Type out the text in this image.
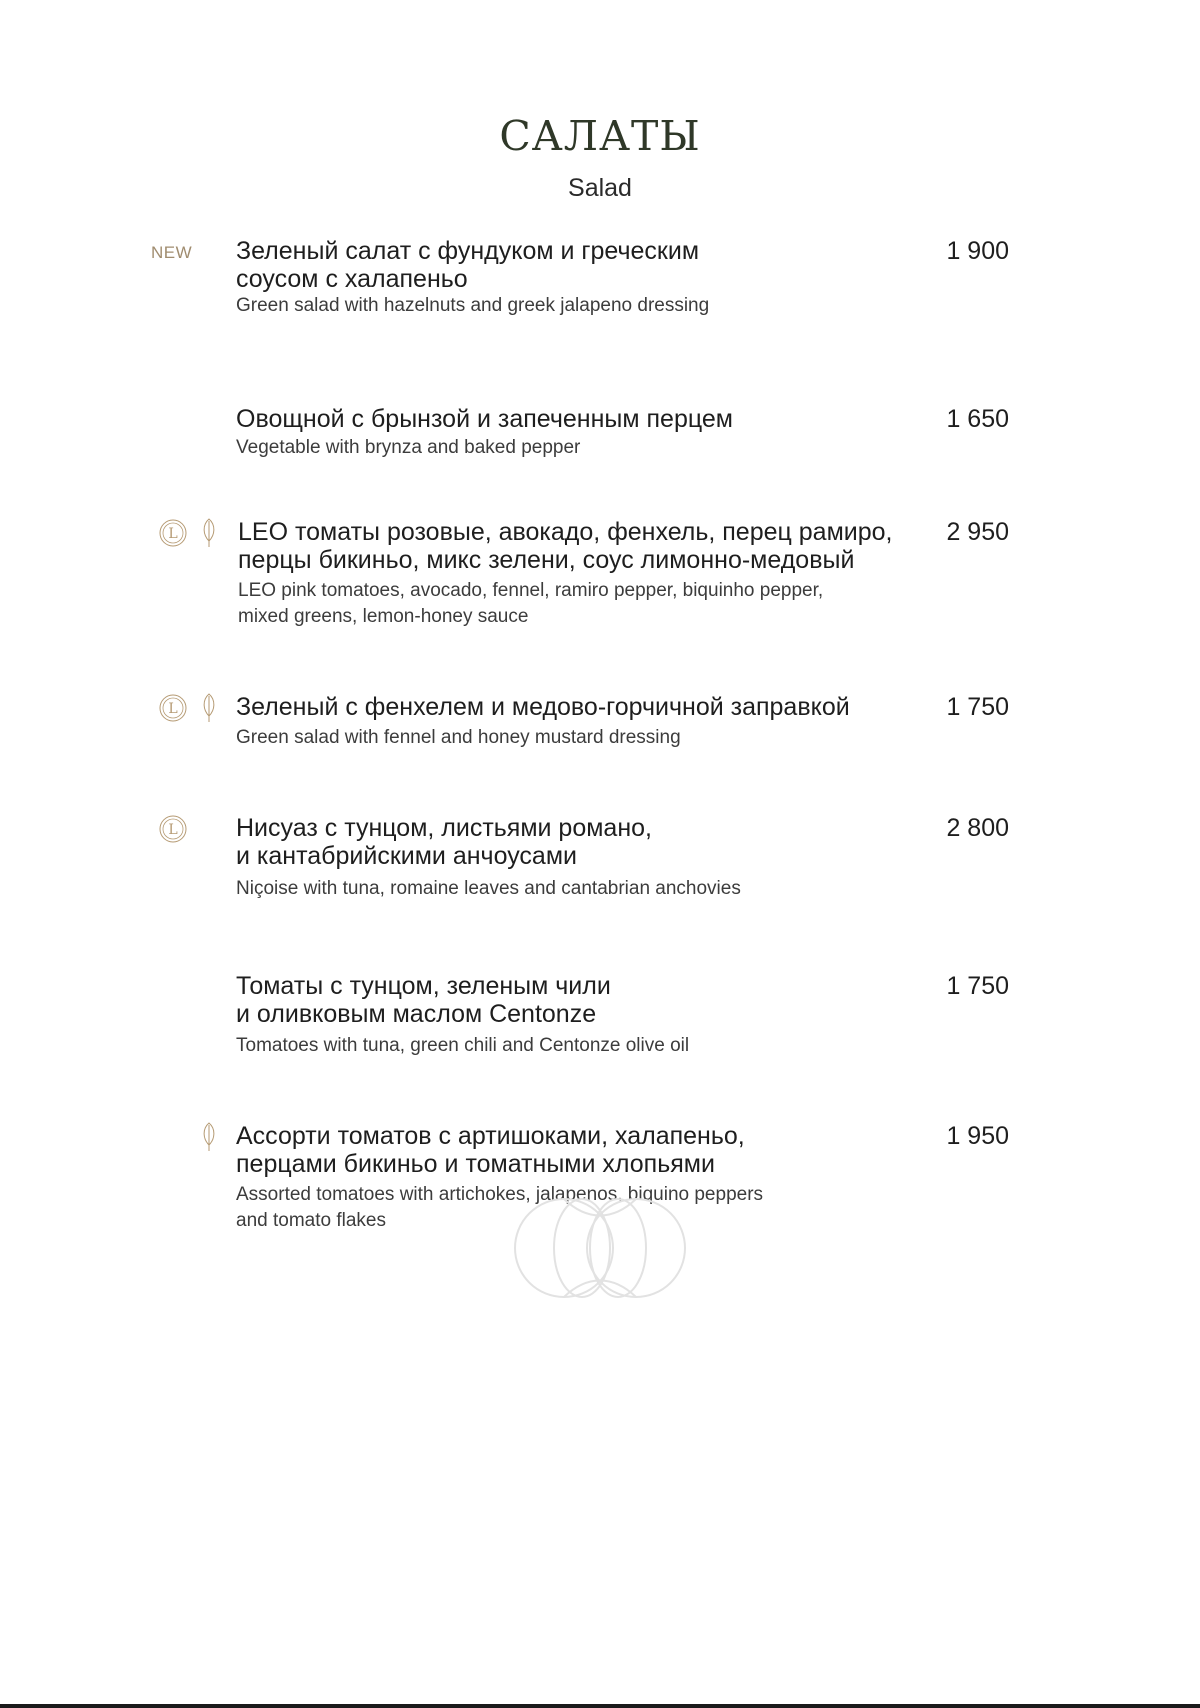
САЛАТЫ
Salad
NEW Зеленый салат с фундуком и греческим
соусом с халапеньо
1 900
Green salad with hazelnuts and greek jalapeno dressing
Овощной с брынзой и запеченным перцем	1 650
Vegetable with brynza and baked pepper
L LEO томаты розовые, авокадо, фенхель, перец рамиро,
перцы бикиньо, микс зелени, соус лимонно-медовый
2 950
LEO pink tomatoes, avocado, fennel, ramiro pepper, biquinho pepper,
mixed greens, lemon-honey sauce
L Зеленый с фенхелем и медово-горчичной заправкой	1 750
Green salad with fennel and honey mustard dressing
L Нисуаз с тунцом, листьями романо,
и кантабрийскими анчоусами
2 800
Niçoise with tuna, romaine leaves and cantabrian anchovies
Томаты с тунцом, зеленым чили
и оливковым маслом Centonze
1 750
Tomatoes with tuna, green chili and Centonze olive oil
Ассорти томатов с артишоками, халапеньо,
перцами бикиньо и томатными хлопьями
1 950
Assorted tomatoes with artichokes, jalapenos, biquino peppers
and tomato flakes
